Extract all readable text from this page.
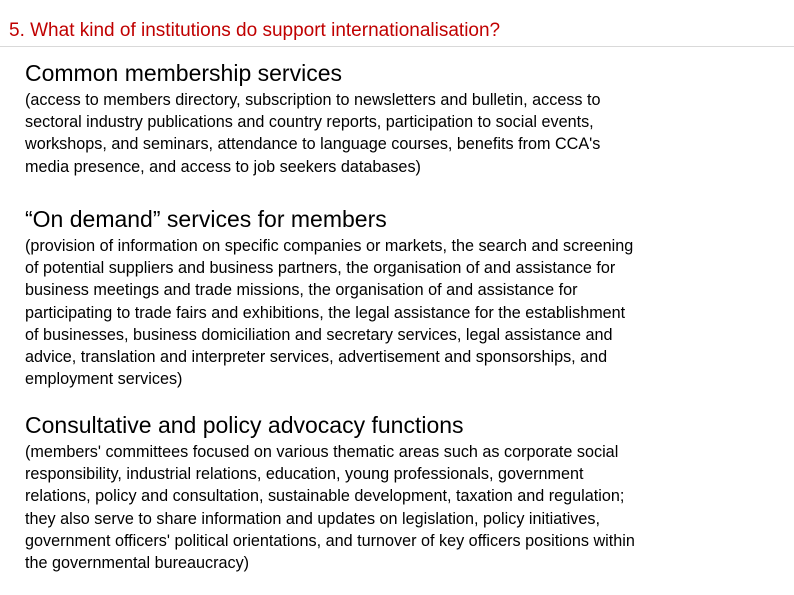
5. What kind of institutions do support internationalisation?
Common membership services
(access to members directory, subscription to newsletters and bulletin, access to
sectoral industry publications and country reports, participation to social events,
workshops, and seminars, attendance to language courses, benefits from CCA's
media presence, and access to job seekers databases)
“On demand” services for members
(provision of information on specific companies or markets, the search and screening
of potential suppliers and business partners, the organisation of and assistance for
business meetings and trade missions, the organisation of and assistance for
participating to trade fairs and exhibitions, the legal assistance for the establishment
of businesses, business domiciliation and secretary services, legal assistance and
advice, translation and interpreter services, advertisement and sponsorships, and
employment services)
Consultative and policy advocacy functions
(members' committees focused on various thematic areas such as corporate social
responsibility, industrial relations, education, young professionals, government
relations, policy and consultation, sustainable development, taxation and regulation;
they also serve to share information and updates on legislation, policy initiatives,
government officers' political orientations, and turnover of key officers positions within
the governmental bureaucracy)
